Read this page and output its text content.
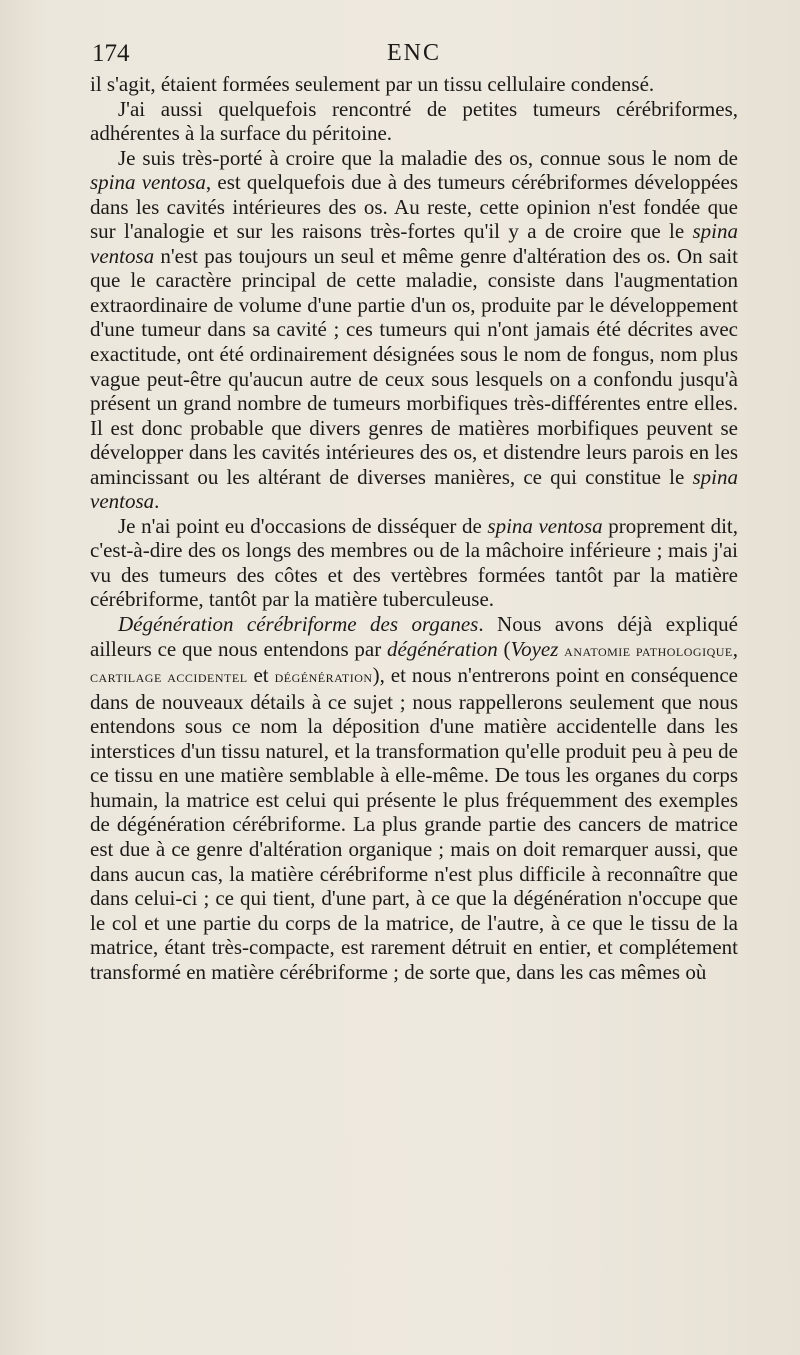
174	ENC

il s'agit, étaient formées seulement par un tissu cellulaire condensé.

J'ai aussi quelquefois rencontré de petites tumeurs cérébriformes, adhérentes à la surface du péritoine.

Je suis très-porté à croire que la maladie des os, connue sous le nom de spina ventosa, est quelquefois due à des tumeurs cérébriformes développées dans les cavités intérieures des os. Au reste, cette opinion n'est fondée que sur l'analogie et sur les raisons très-fortes qu'il y a de croire que le spina ventosa n'est pas toujours un seul et même genre d'altération des os. On sait que le caractère principal de cette maladie, consiste dans l'augmentation extraordinaire de volume d'une partie d'un os, produite par le développement d'une tumeur dans sa cavité ; ces tumeurs qui n'ont jamais été décrites avec exactitude, ont été ordinairement désignées sous le nom de fongus, nom plus vague peut-être qu'aucun autre de ceux sous lesquels on a confondu jusqu'à présent un grand nombre de tumeurs morbifiques très-différentes entre elles. Il est donc probable que divers genres de matières morbifiques peuvent se développer dans les cavités intérieures des os, et distendre leurs parois en les amincissant ou les altérant de diverses manières, ce qui constitue le spina ventosa.

Je n'ai point eu d'occasions de disséquer de spina ventosa proprement dit, c'est-à-dire des os longs des membres ou de la mâchoire inférieure ; mais j'ai vu des tumeurs des côtes et des vertèbres formées tantôt par la matière cérébriforme, tantôt par la matière tuberculeuse.

Dégénération cérébriforme des organes. Nous avons déjà expliqué ailleurs ce que nous entendons par dégénération (Voyez anatomie pathologique, cartilage accidentel et dégénération), et nous n'entrerons point en conséquence dans de nouveaux détails à ce sujet ; nous rappellerons seulement que nous entendons sous ce nom la déposition d'une matière accidentelle dans les interstices d'un tissu naturel, et la transformation qu'elle produit peu à peu de ce tissu en une matière semblable à elle-même. De tous les organes du corps humain, la matrice est celui qui présente le plus fréquemment des exemples de dégénération cérébriforme. La plus grande partie des cancers de matrice est due à ce genre d'altération organique ; mais on doit remarquer aussi, que dans aucun cas, la matière cérébriforme n'est plus difficile à reconnaître que dans celui-ci ; ce qui tient, d'une part, à ce que la dégénération n'occupe que le col et une partie du corps de la matrice, de l'autre, à ce que le tissu de la matrice, étant très-compacte, est rarement détruit en entier, et complétement transformé en matière cérébriforme ; de sorte que, dans les cas mêmes où
